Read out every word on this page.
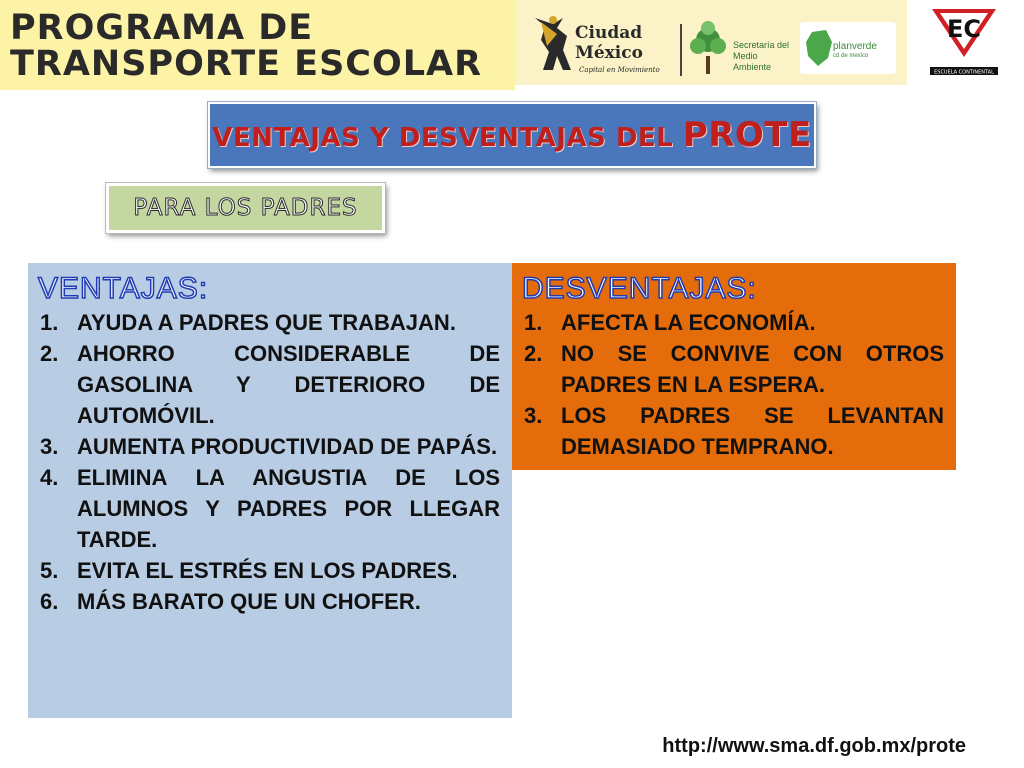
PROGRAMA DE
TRANSPORTE ESCOLAR
Ciudad
México
Capital en Movimiento
Secretaría del
Medio Ambiente
planverde
cd de mexico
EC
ESCUELA CONTINENTAL
VENTAJAS Y DESVENTAJAS DEL PROTE
PARA LOS PADRES
VENTAJAS:
1. AYUDA A PADRES QUE TRABAJAN.
2. AHORRO CONSIDERABLE DE GASOLINA Y DETERIORO DE AUTOMÓVIL.
3. AUMENTA PRODUCTIVIDAD DE PAPÁS.
4. ELIMINA LA ANGUSTIA DE LOS ALUMNOS Y PADRES POR LLEGAR TARDE.
5. EVITA EL ESTRÉS EN LOS PADRES.
6. MÁS BARATO QUE UN CHOFER.
DESVENTAJAS:
1. AFECTA LA ECONOMÍA.
2. NO SE CONVIVE CON OTROS PADRES EN LA ESPERA.
3. LOS PADRES SE LEVANTAN DEMASIADO TEMPRANO.
http://www.sma.df.gob.mx/prote
